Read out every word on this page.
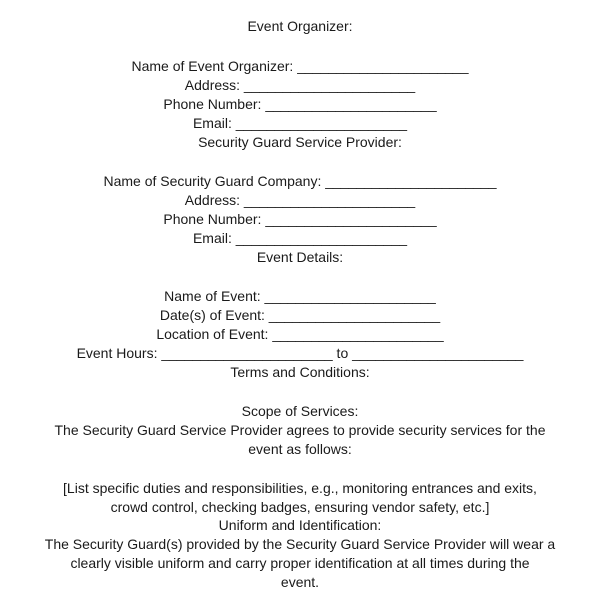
Event Organizer:
Name of Event Organizer: ______________________
Address: ______________________
Phone Number: ______________________
Email: ______________________
Security Guard Service Provider:
Name of Security Guard Company: ______________________
Address: ______________________
Phone Number: ______________________
Email: ______________________
Event Details:
Name of Event: ______________________
Date(s) of Event: ______________________
Location of Event: ______________________
Event Hours: ______________________ to ______________________
Terms and Conditions:
Scope of Services:
The Security Guard Service Provider agrees to provide security services for the
event as follows:
[List specific duties and responsibilities, e.g., monitoring entrances and exits,
crowd control, checking badges, ensuring vendor safety, etc.]
Uniform and Identification:
The Security Guard(s) provided by the Security Guard Service Provider will wear a
clearly visible uniform and carry proper identification at all times during the
event.
